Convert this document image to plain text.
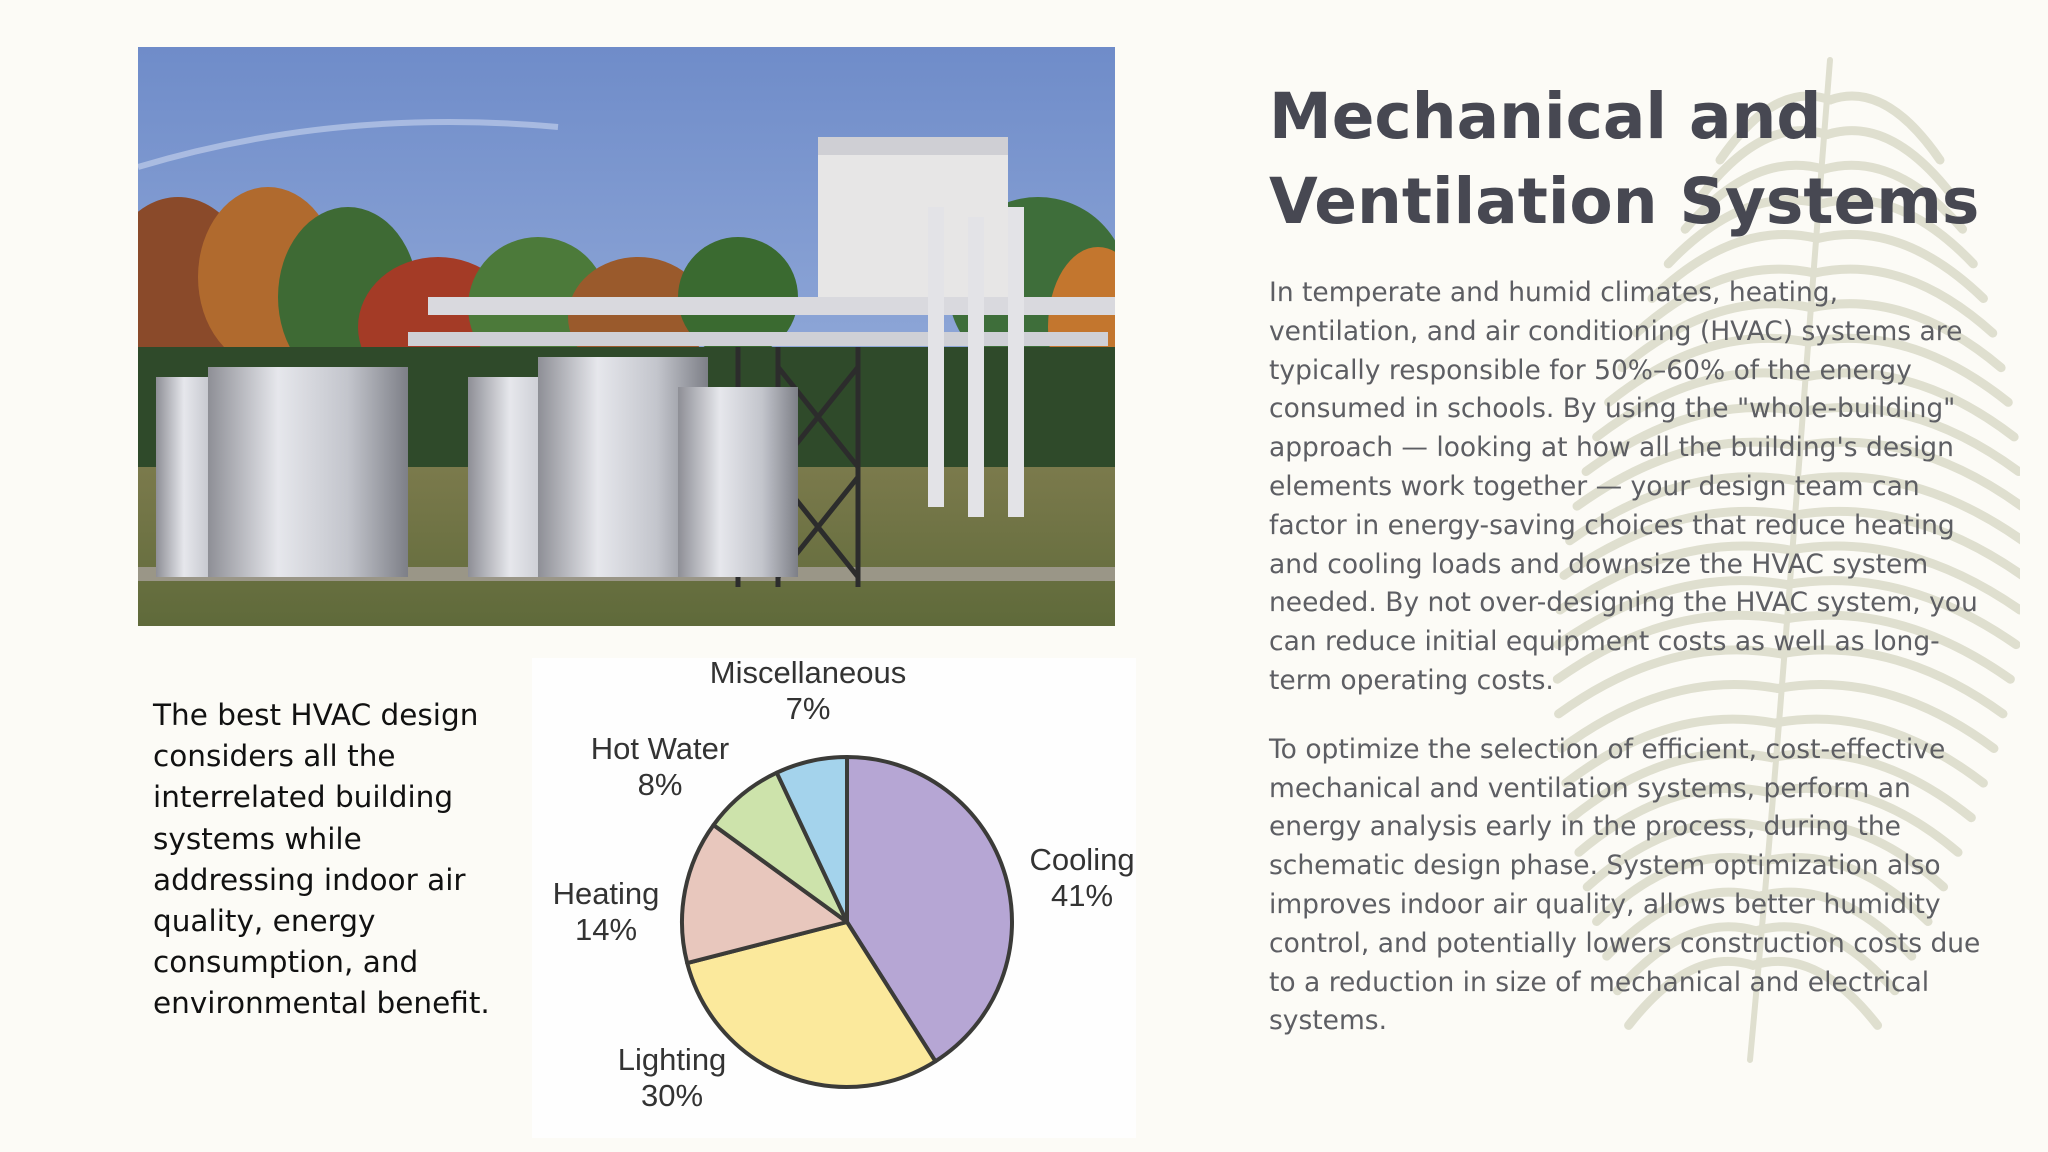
Mechanical and
Ventilation Systems

In temperate and humid climates, heating, ventilation, and air conditioning (HVAC) systems are typically responsible for 50%–60% of the energy consumed in schools. By using the "whole-building" approach — looking at how all the building's design elements work together — your design team can factor in energy-saving choices that reduce heating and cooling loads and downsize the HVAC system needed. By not over-designing the HVAC system, you can reduce initial equipment costs as well as long-term operating costs.

To optimize the selection of efficient, cost-effective mechanical and ventilation systems, perform an energy analysis early in the process, during the schematic design phase. System optimization also improves indoor air quality, allows better humidity control, and potentially lowers construction costs due to a reduction in size of mechanical and electrical systems.

The best HVAC design considers all the interrelated building systems while addressing indoor air quality, energy consumption, and environmental benefit.
Cooling
41%
Lighting
30%
Heating
14%
Hot Water
8%
Miscellaneous
7%
